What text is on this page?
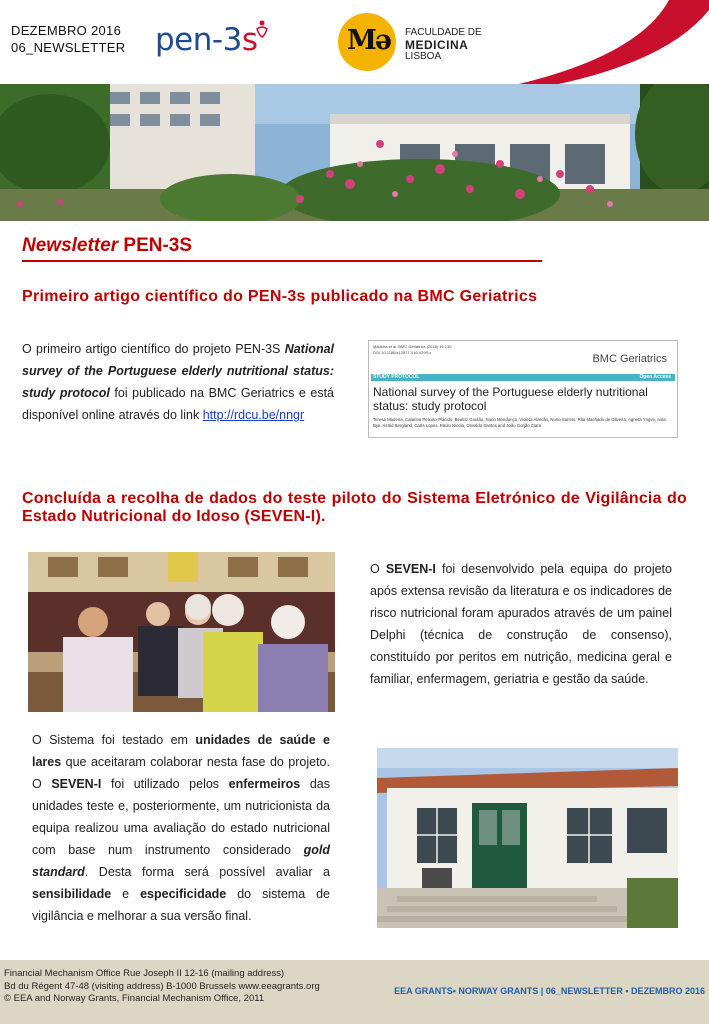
DEZEMBRO 2016
06_NEWSLETTER pen-3s	Mə FACULDADE DE
MEDICINA
LISBOA
Newsletter PEN-3S
Primeiro artigo científico do PEN-3s publicado na BMC Geriatrics
O primeiro artigo científico do projeto PEN-3S National survey of the Portuguese elderly nutritional status: study protocol foi publicado na BMC Geriatrics e está disponível online através do link http://rdcu.be/nngr
Madeira et al. BMC Geriatrics (2016) 16:139
DOI 10.1186/s12877-016-0299-x
BMC Geriatrics
STUDY PROTOCOL	Open Access
National survey of the Portuguese elderly nutritional status: study protocol
Teresa Madeira, Catarina Peixoto-Plácido, Beatriz Goulão, Nuno Mendonça, Violeta Alarcão, Nuno Santos, Rita Machado de Oliveira, Agneta Yngve, Asta Bye, Astrid Bergland, Carla Lopes, Paulo Nicola, Osvaldo Santos and João Gorjão Clara
Concluída a recolha de dados do teste piloto do Sistema Eletrónico de Vigilância do Estado Nutricional do Idoso (SEVEN-I).
O SEVEN-I foi desenvolvido pela equipa do projeto após extensa revisão da literatura e os indicadores de risco nutricional foram apurados através de um painel Delphi (técnica de construção de consenso), constituído por peritos em nutrição, medicina geral e familiar, enfermagem, geriatria e gestão da saúde.
O Sistema foi testado em unidades de saúde e lares que aceitaram colaborar nesta fase do projeto. O SEVEN-I foi utilizado pelos enfermeiros das unidades teste e, posteriormente, um nutricionista da equipa realizou uma avaliação do estado nutricional com base num instrumento considerado gold standard. Desta forma será possível avaliar a sensibilidade e especificidade do sistema de vigilância e melhorar a sua versão final.
Financial Mechanism Office Rue Joseph II 12-16 (mailing address)
Bd du Régent 47-48 (visiting address) B-1000 Brussels www.eeagrants.org
© EEA and Norway Grants, Financial Mechanism Office, 2011
EEA GRANTS• NORWAY GRANTS | 06_NEWSLETTER • DEZEMBRO 2016
